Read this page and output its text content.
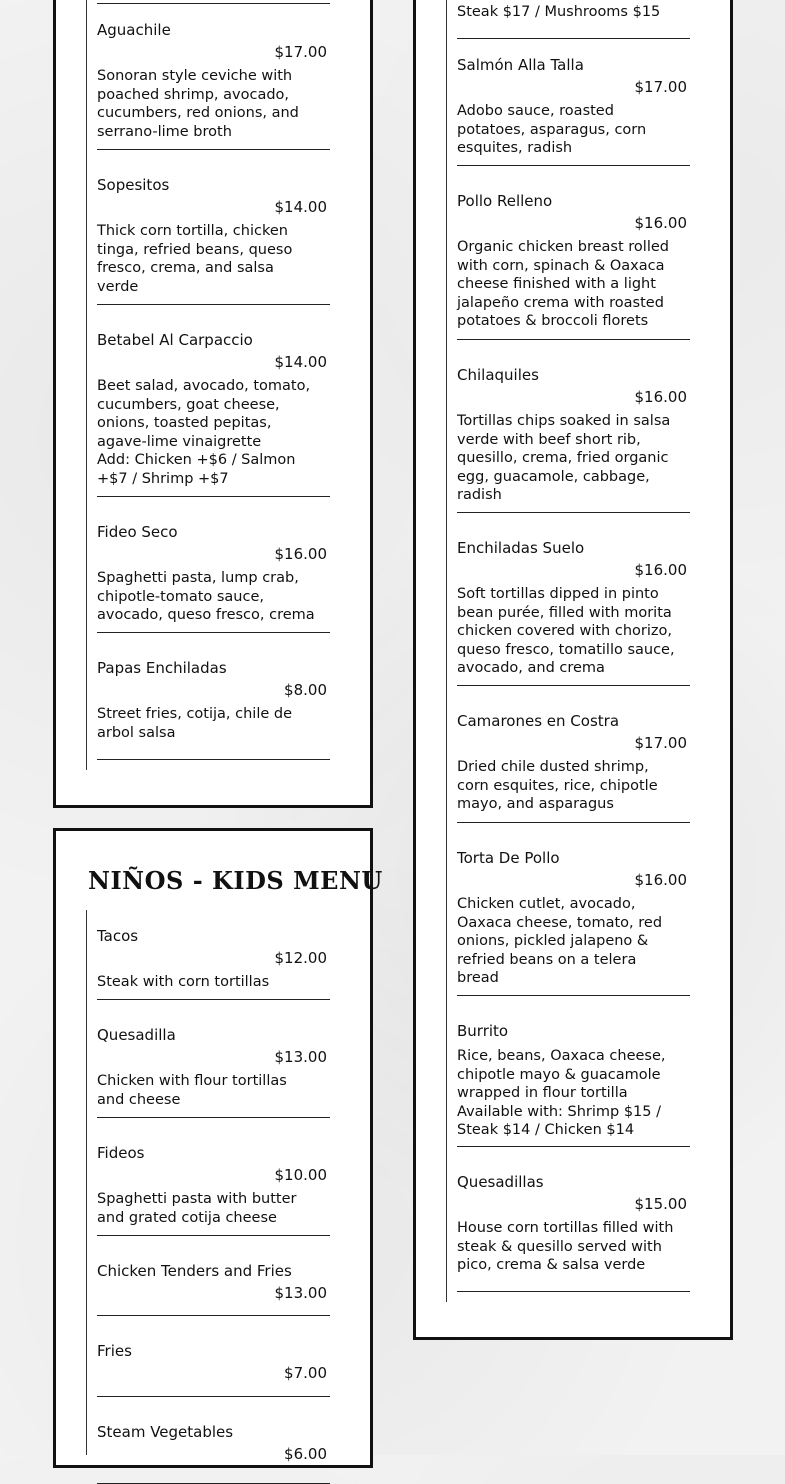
Steak $17 / Mushrooms $15
NIÑOS - KIDS MENU
Aguachile
$17.00
Sonoran style ceviche with
poached shrimp, avocado,
cucumbers, red onions, and
serrano-lime broth
Sopesitos
$14.00
Thick corn tortilla, chicken
tinga, refried beans, queso
fresco, crema, and salsa
verde
Betabel Al Carpaccio
$14.00
Beet salad, avocado, tomato,
cucumbers, goat cheese,
onions, toasted pepitas,
agave-lime vinaigrette
Add: Chicken +$6 / Salmon
+$7 / Shrimp +$7
Fideo Seco
$16.00
Spaghetti pasta, lump crab,
chipotle-tomato sauce,
avocado, queso fresco, crema
Papas Enchiladas
$8.00
Street fries, cotija, chile de
arbol salsa
Tacos
$12.00
Steak with corn tortillas
Quesadilla
$13.00
Chicken with flour tortillas
and cheese
Fideos
$10.00
Spaghetti pasta with butter
and grated cotija cheese
Chicken Tenders and Fries
$13.00
Fries
$7.00
Steam Vegetables
$6.00
Salmón Alla Talla
$17.00
Adobo sauce, roasted
potatoes, asparagus, corn
esquites, radish
Pollo Relleno
$16.00
Organic chicken breast rolled
with corn, spinach & Oaxaca
cheese finished with a light
jalapeño crema with roasted
potatoes & broccoli florets
Chilaquiles
$16.00
Tortillas chips soaked in salsa
verde with beef short rib,
quesillo, crema, fried organic
egg, guacamole, cabbage,
radish
Enchiladas Suelo
$16.00
Soft tortillas dipped in pinto
bean purée, filled with morita
chicken covered with chorizo,
queso fresco, tomatillo sauce,
avocado, and crema
Camarones en Costra
$17.00
Dried chile dusted shrimp,
corn esquites, rice, chipotle
mayo, and asparagus
Torta De Pollo
$16.00
Chicken cutlet, avocado,
Oaxaca cheese, tomato, red
onions, pickled jalapeno &
refried beans on a telera
bread
Burrito
Rice, beans, Oaxaca cheese,
chipotle mayo & guacamole
wrapped in flour tortilla
Available with: Shrimp $15 /
Steak $14 / Chicken $14
Quesadillas
$15.00
House corn tortillas filled with
steak & quesillo served with
pico, crema & salsa verde
